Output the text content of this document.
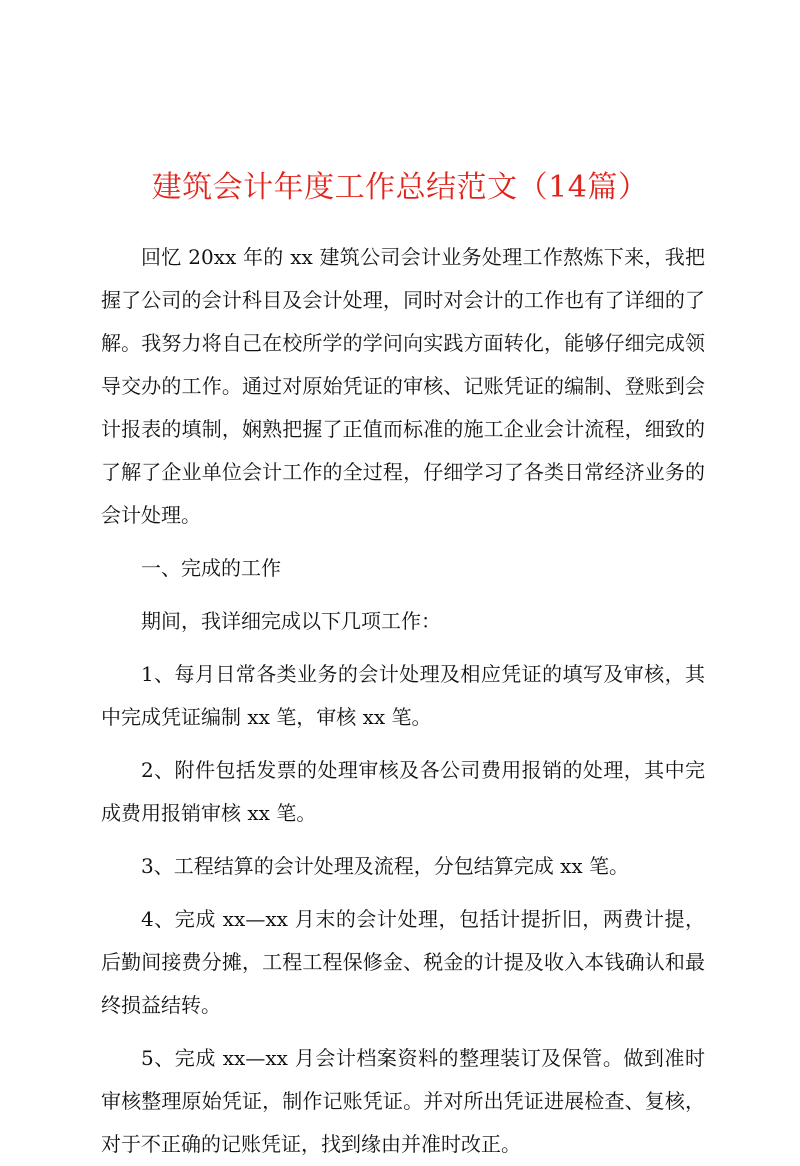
建筑会计年度工作总结范文（14篇）

回忆 20xx 年的 xx 建筑公司会计业务处理工作熬炼下来，我把握了公司的会计科目及会计处理，同时对会计的工作也有了详细的了解。我努力将自己在校所学的学问向实践方面转化，能够仔细完成领导交办的工作。通过对原始凭证的审核、记账凭证的编制、登账到会计报表的填制，娴熟把握了正值而标准的施工企业会计流程，细致的了解了企业单位会计工作的全过程，仔细学习了各类日常经济业务的会计处理。

一、完成的工作

期间，我详细完成以下几项工作：

1、每月日常各类业务的会计处理及相应凭证的填写及审核，其中完成凭证编制 xx 笔，审核 xx 笔。

2、附件包括发票的处理审核及各公司费用报销的处理，其中完成费用报销审核 xx 笔。

3、工程结算的会计处理及流程，分包结算完成 xx 笔。

4、完成 xx—xx 月末的会计处理，包括计提折旧，两费计提，后勤间接费分摊，工程工程保修金、税金的计提及收入本钱确认和最终损益结转。

5、完成 xx—xx 月会计档案资料的整理装订及保管。做到准时审核整理原始凭证，制作记账凭证。并对所出凭证进展检查、复核，对于不正确的记账凭证，找到缘由并准时改正。
